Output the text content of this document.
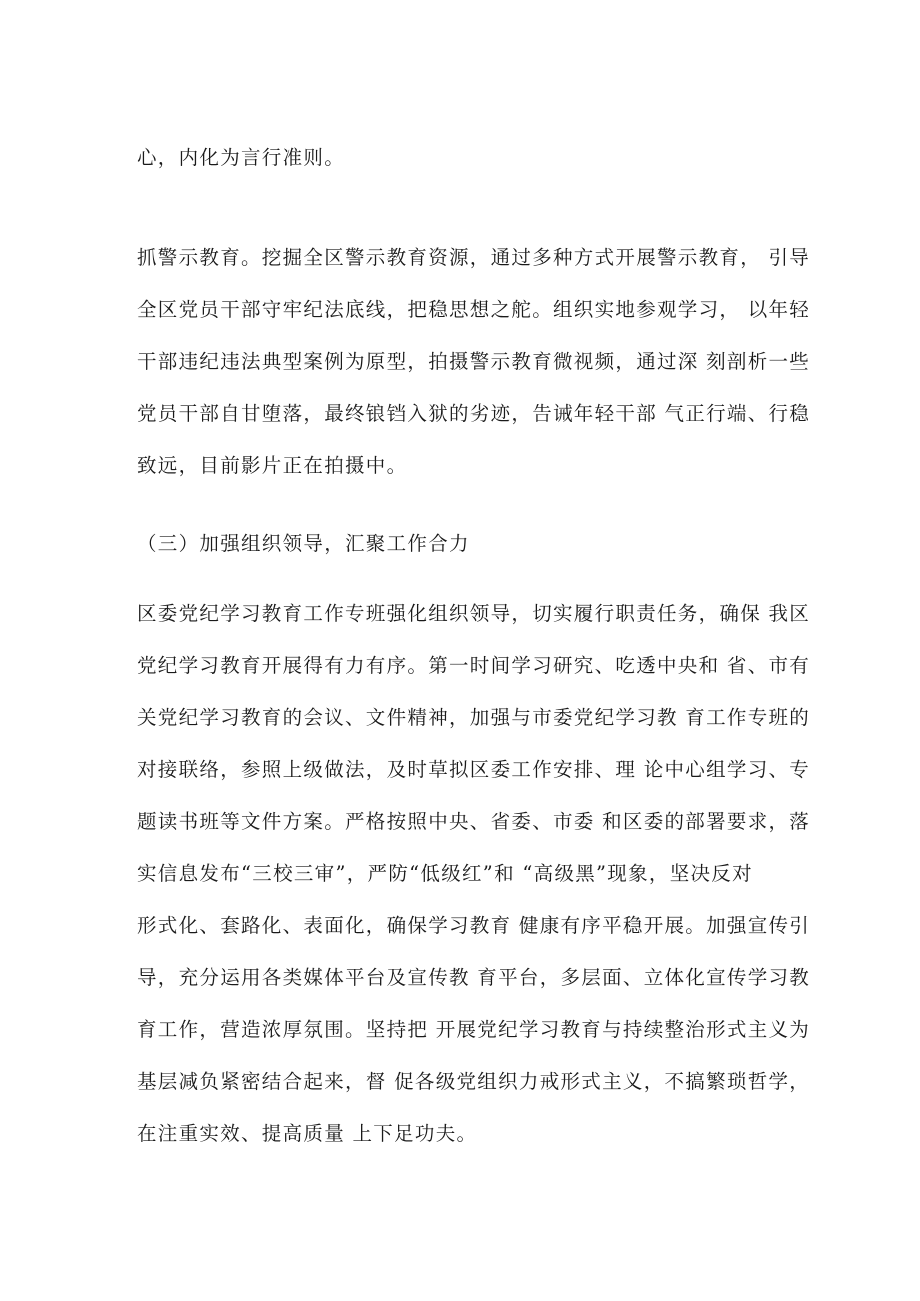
心，内化为言行准则。

抓警示教育。挖掘全区警示教育资源，通过多种方式开展警示教育， 引导
全区党员干部守牢纪法底线，把稳思想之舵。组织实地参观学习， 以年轻
干部违纪违法典型案例为原型，拍摄警示教育微视频，通过深 刻剖析一些
党员干部自甘堕落，最终锒铛入狱的劣迹，告诫年轻干部 气正行端、行稳
致远，目前影片正在拍摄中。

（三）加强组织领导，汇聚工作合力

区委党纪学习教育工作专班强化组织领导，切实履行职责任务，确保 我区
党纪学习教育开展得有力有序。第一时间学习研究、吃透中央和 省、市有
关党纪学习教育的会议、文件精神，加强与市委党纪学习教 育工作专班的
对接联络，参照上级做法，及时草拟区委工作安排、理 论中心组学习、专
题读书班等文件方案。严格按照中央、省委、市委 和区委的部署要求，落
实信息发布“三校三审”，严防“低级红”和 “高级黑”现象，坚决反对
形式化、套路化、表面化，确保学习教育 健康有序平稳开展。加强宣传引
导，充分运用各类媒体平台及宣传教 育平台，多层面、立体化宣传学习教
育工作，营造浓厚氛围。坚持把 开展党纪学习教育与持续整治形式主义为
基层减负紧密结合起来，督 促各级党组织力戒形式主义，不搞繁琐哲学，
在注重实效、提高质量 上下足功夫。
